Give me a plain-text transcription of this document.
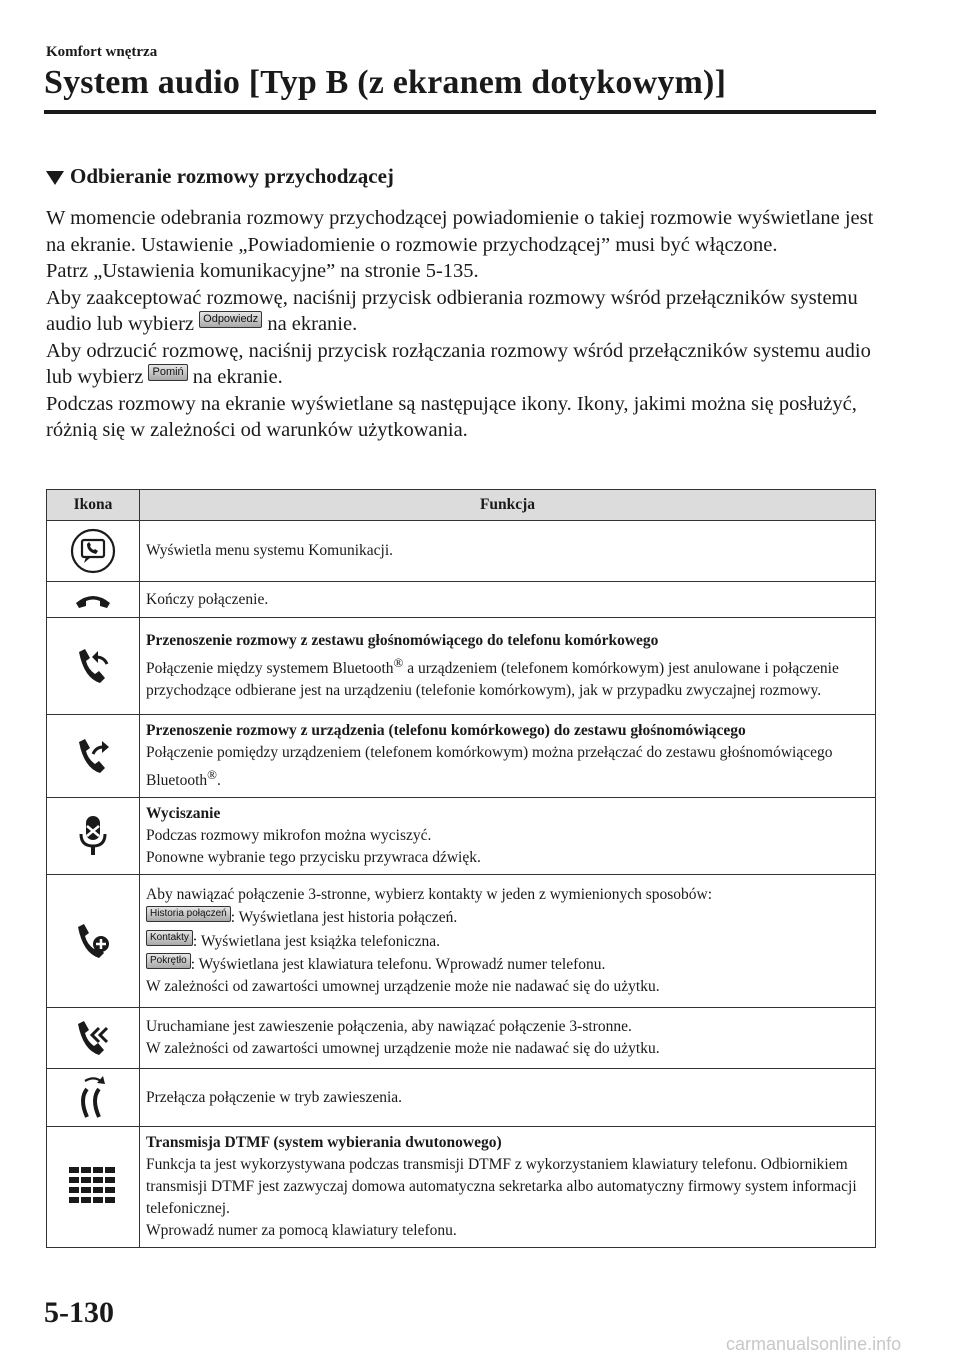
Komfort wnętrza
System audio [Typ B (z ekranem dotykowym)]
Odbieranie rozmowy przychodzącej

W momencie odebrania rozmowy przychodzącej powiadomienie o takiej rozmowie wyświetlane jest na ekranie. Ustawienie „Powiadomienie o rozmowie przychodzącej” musi być włączone.

Patrz „Ustawienia komunikacyjne” na stronie 5-135.

Aby zaakceptować rozmowę, naciśnij przycisk odbierania rozmowy wśród przełączników systemu audio lub wybierz Odpowiedz na ekranie.

Aby odrzucić rozmowę, naciśnij przycisk rozłączania rozmowy wśród przełączników systemu audio lub wybierz Pomiń na ekranie.

Podczas rozmowy na ekranie wyświetlane są następujące ikony. Ikony, jakimi można się posłużyć, różnią się w zależności od warunków użytkowania.

Ikona	Funkcja

	Wyświetla menu systemu Komunikacji.

	Kończy połączenie.

Przenoszenie rozmowy z zestawu głośnomówiącego do telefonu komórkowego
Połączenie między systemem Bluetooth® a urządzeniem (telefonem komórkowym) jest anulowane i połączenie przychodzące odbierane jest na urządzeniu (telefonie komórkowym), jak w przypadku zwyczajnej rozmowy.

Przenoszenie rozmowy z urządzenia (telefonu komórkowego) do zestawu głośnomówiącego
Połączenie pomiędzy urządzeniem (telefonem komórkowym) można przełączać do zestawu głośnomówiącego Bluetooth®.

Wyciszanie
Podczas rozmowy mikrofon można wyciszyć.
Ponowne wybranie tego przycisku przywraca dźwięk.

Aby nawiązać połączenie 3-stronne, wybierz kontakty w jeden z wymienionych sposobów:
Historia połączeń : Wyświetlana jest historia połączeń.
Kontakty : Wyświetlana jest książka telefoniczna.
Pokrętło : Wyświetlana jest klawiatura telefonu. Wprowadź numer telefonu.
W zależności od zawartości umownej urządzenie może nie nadawać się do użytku.

Uruchamiane jest zawieszenie połączenia, aby nawiązać połączenie 3-stronne.
W zależności od zawartości umownej urządzenie może nie nadawać się do użytku.

	Przełącza połączenie w tryb zawieszenia.

Transmisja DTMF (system wybierania dwutonowego)
Funkcja ta jest wykorzystywana podczas transmisji DTMF z wykorzystaniem klawiatury telefonu. Odbiornikiem transmisji DTMF jest zazwyczaj domowa automatyczna sekretarka albo automatyczny firmowy system informacji telefonicznej.
Wprowadź numer za pomocą klawiatury telefonu.
5-130
carmanualsonline.info
